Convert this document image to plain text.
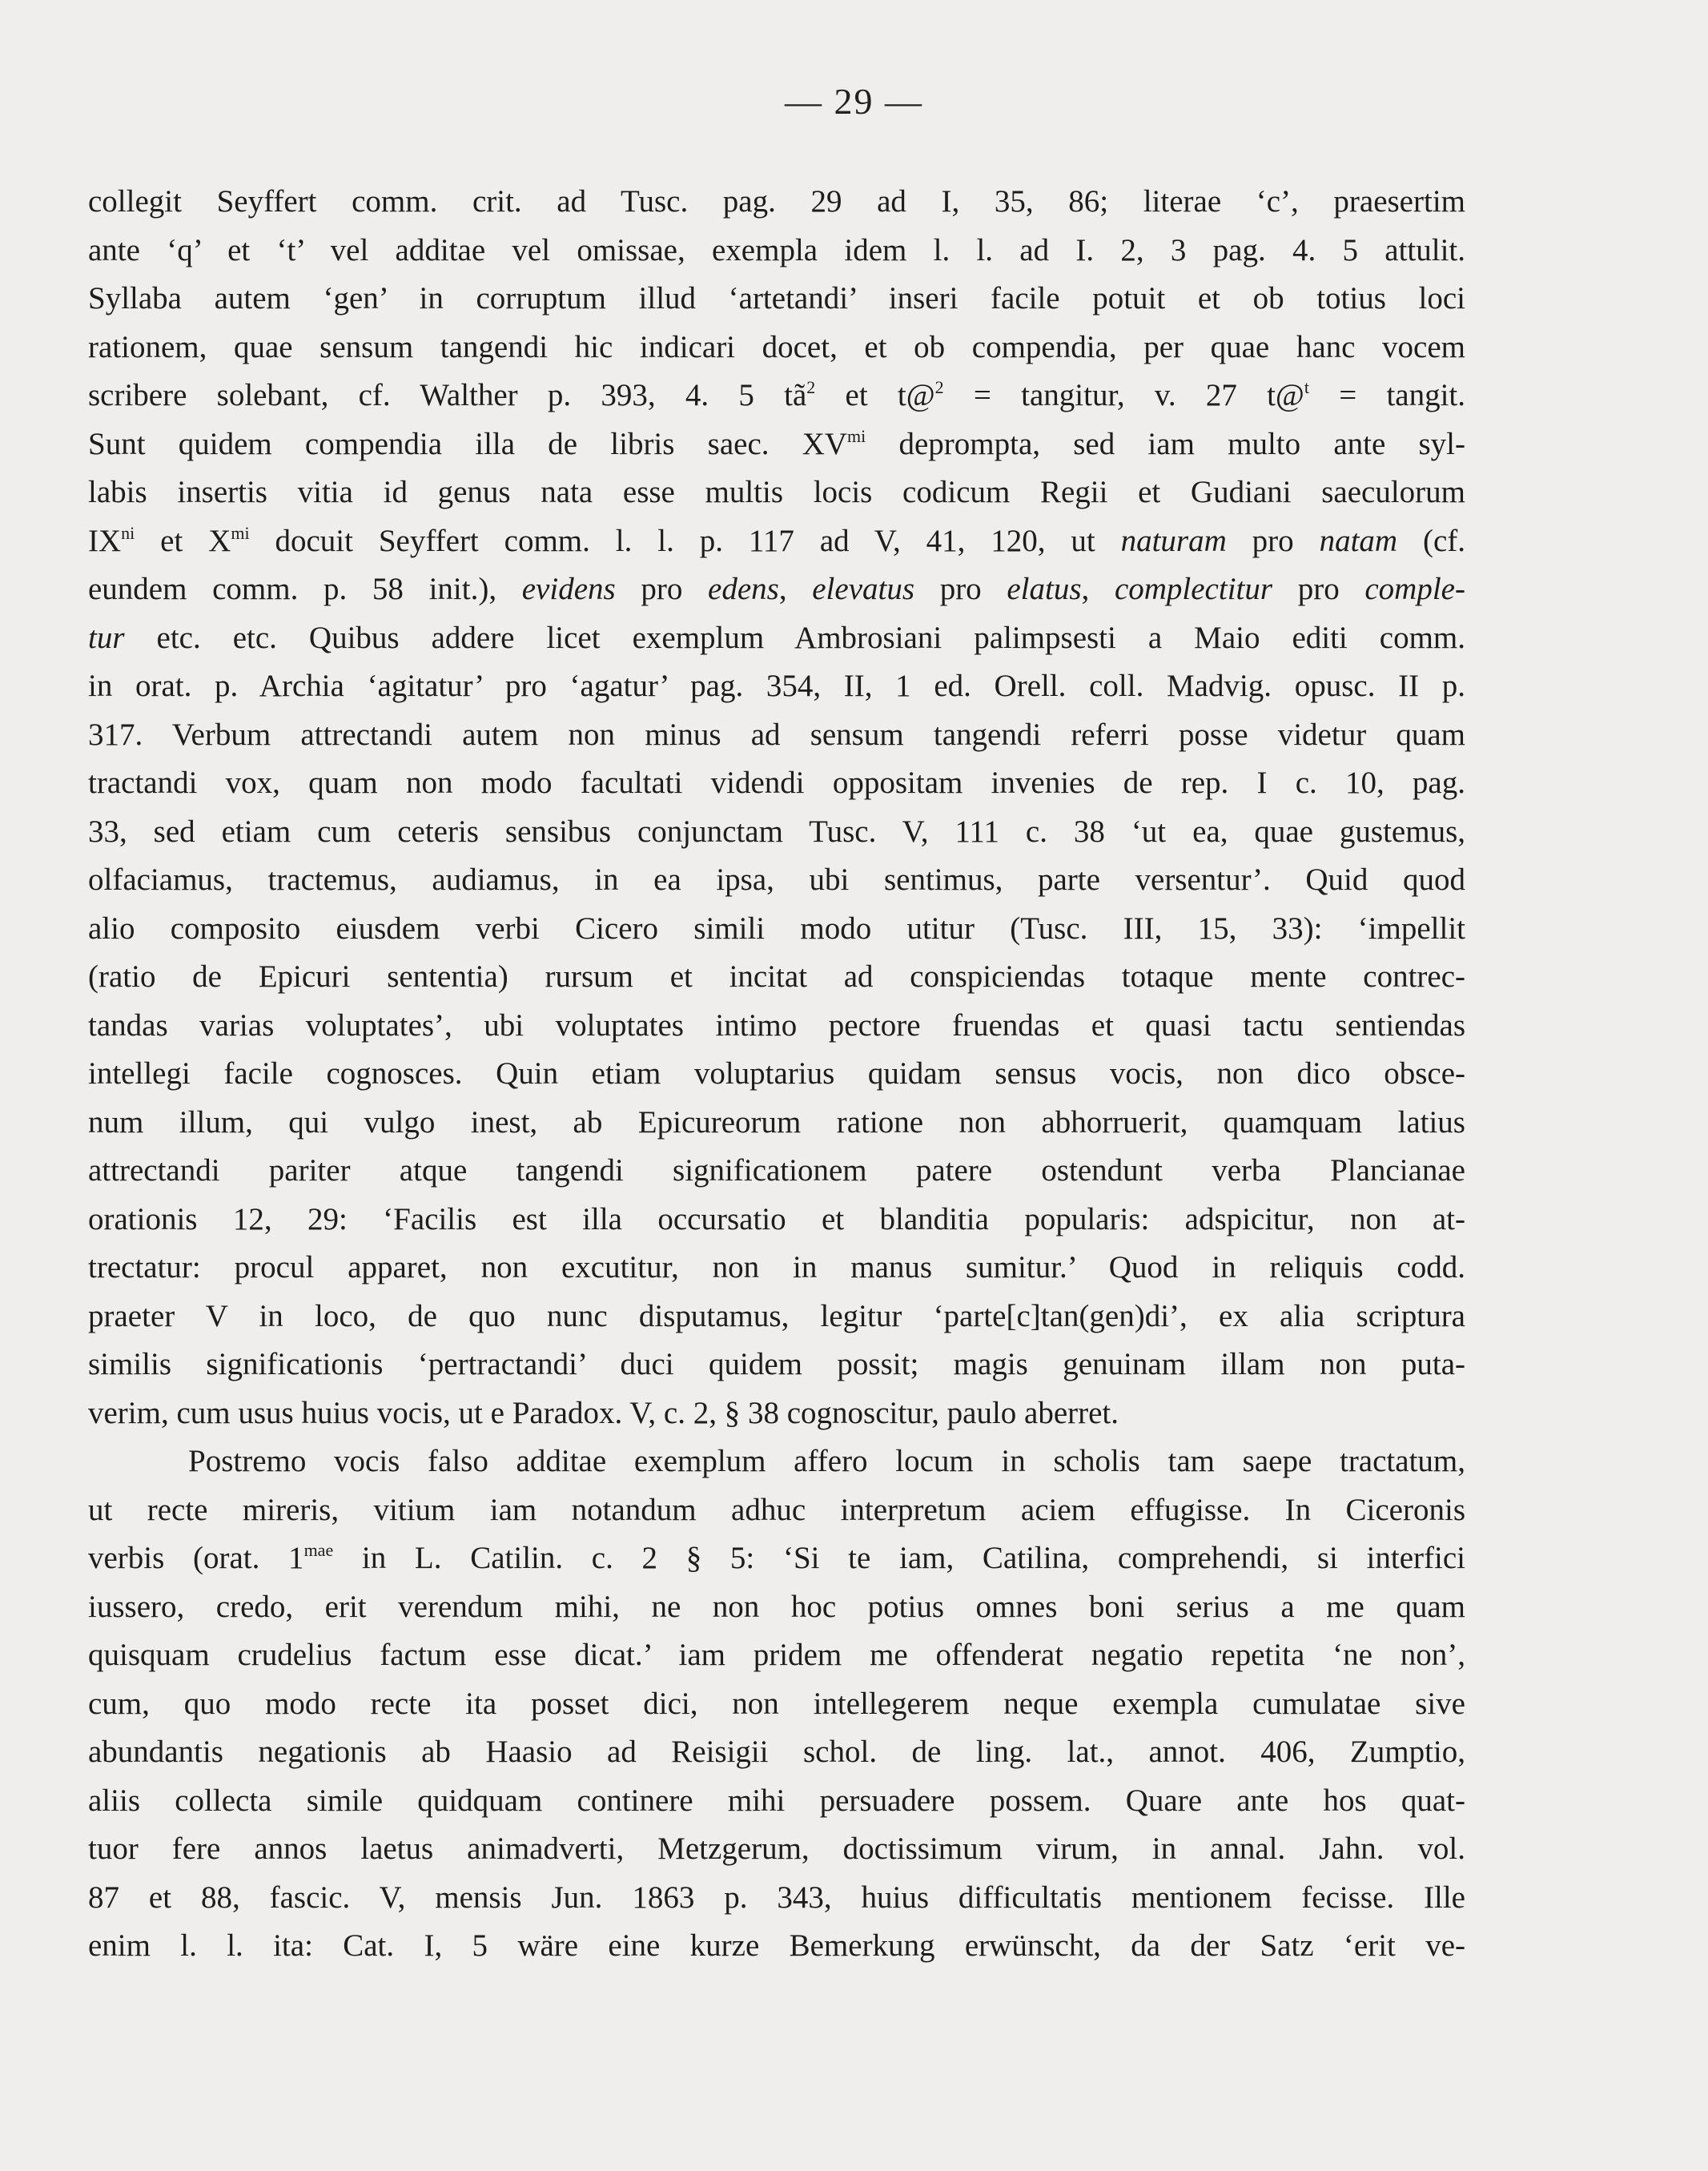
— 29 —
collegit Seyffert comm. crit. ad Tusc. pag. 29 ad I, 35, 86; literae ‘c’, praesertim
ante ‘q’ et ‘t’ vel additae vel omissae, exempla idem l. l. ad I. 2, 3 pag. 4. 5 attulit.
Syllaba autem ‘gen’ in corruptum illud ‘artetandi’ inseri facile potuit et ob totius loci
rationem, quae sensum tangendi hic indicari docet, et ob compendia, per quae hanc vocem
scribere solebant, cf. Walther p. 393, 4. 5 $tã^2$ et t@$^2$ = tangitur, v. 27 t@$^t$ = tangit.
Sunt quidem compendia illa de libris saec. $XV^{mi}$ deprompta, sed iam multo ante syl-
labis insertis vitia id genus nata esse multis locis codicum Regii et Gudiani saeculorum
$IX^{ni}$ et $X^{mi}$ docuit Seyffert comm. l. l. p. 117 ad V, 41, 120, ut naturam pro natam (cf.
eundem comm. p. 58 init.), evidens pro edens, elevatus pro elatus, complectitur pro comple-
tur etc. etc. Quibus addere licet exemplum Ambrosiani palimpsesti a Maio editi comm.
in orat. p. Archia ‘agitatur’ pro ‘agatur’ pag. 354, II, 1 ed. Orell. coll. Madvig. opusc. II p.
317. Verbum attrectandi autem non minus ad sensum tangendi referri posse videtur quam
tractandi vox, quam non modo facultati videndi oppositam invenies de rep. I c. 10, pag.
33, sed etiam cum ceteris sensibus conjunctam Tusc. V, 111 c. 38 ‘ut ea, quae gustemus,
olfaciamus, tractemus, audiamus, in ea ipsa, ubi sentimus, parte versentur’. Quid quod
alio composito eiusdem verbi Cicero simili modo utitur (Tusc. III, 15, 33): ‘impellit
(ratio de Epicuri sententia) rursum et incitat ad conspiciendas totaque mente contrec-
tandas varias voluptates’, ubi voluptates intimo pectore fruendas et quasi tactu sentiendas
intellegi facile cognosces. Quin etiam voluptarius quidam sensus vocis, non dico obsce-
num illum, qui vulgo inest, ab Epicureorum ratione non abhorruerit, quamquam latius
attrectandi pariter atque tangendi significationem patere ostendunt verba Plancianae
orationis 12, 29: ‘Facilis est illa occursatio et blanditia popularis: adspicitur, non at-
trectatur: procul apparet, non excutitur, non in manus sumitur.’ Quod in reliquis codd.
praeter V in loco, de quo nunc disputamus, legitur ‘parte[c]tan(gen)di’, ex alia scriptura
similis significationis ‘pertractandi’ duci quidem possit; magis genuinam illam non puta-
verim, cum usus huius vocis, ut e Paradox. V, c. 2, § 38 cognoscitur, paulo aberret.
Postremo vocis falso additae exemplum affero locum in scholis tam saepe tractatum,
ut recte mireris, vitium iam notandum adhuc interpretum aciem effugisse. In Ciceronis
verbis (orat. $1^{mae}$ in L. Catilin. c. 2 § 5: ‘Si te iam, Catilina, comprehendi, si interfici
iussero, credo, erit verendum mihi, ne non hoc potius omnes boni serius a me quam
quisquam crudelius factum esse dicat.’ iam pridem me offenderat negatio repetita ‘ne non’,
cum, quo modo recte ita posset dici, non intellegerem neque exempla cumulatae sive
abundantis negationis ab Haasio ad Reisigii schol. de ling. lat., annot. 406, Zumptio,
aliis collecta simile quidquam continere mihi persuadere possem. Quare ante hos quat-
tuor fere annos laetus animadverti, Metzgerum, doctissimum virum, in annal. Jahn. vol.
87 et 88, fascic. V, mensis Jun. 1863 p. 343, huius difficultatis mentionem fecisse. Ille
enim l. l. ita: Cat. I, 5 wäre eine kurze Bemerkung erwünscht, da der Satz ‘erit ve-
